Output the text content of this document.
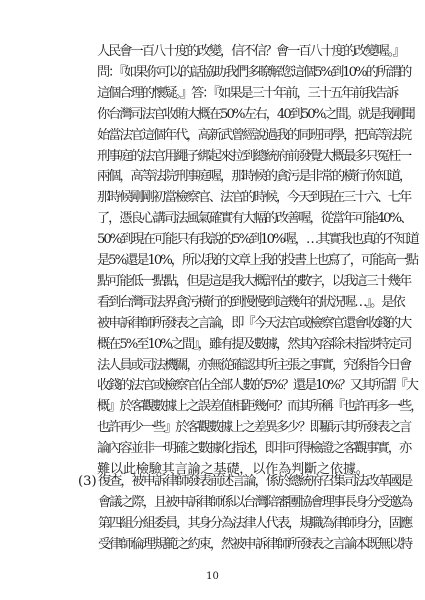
人民會一百八十度的改變，信不信？會一百八十度的改變喔。』
問：『如果你可以的話協助我們多瞭解您這個5%到10%的所謂的
這個合理的懷疑。』答：『如果是三十年前，三十五年前我告訴
你台灣司法官收賄大概在50%左右，40到50%之間。就是我剛聞
始當法官這個年代，高新武曾經說過我的同班同學，把高等法院
刑事庭的法官用繩子綁起來拉到總統府前發覺大概最多只冤枉一
兩個，高等法院刑事庭喔，那時候的貪污是非常的橫行你知道，
那時候剛剛初當檢察官、法官的時候，今天到現在三十六、七年
了，憑良心講司法風氣確實有大幅的改善喔，從當年可能40%、
50%到現在可能只有我說的5%到10%喔，…其實我也真的不知道
是5%還是10%，所以我的文章上我的投書上也寫了，可能高一點
點可能低一點點，但是這是我大概評估的數字，以我這三十幾年
看到台灣司法界貪污橫行的到慢慢到這幾年的狀況喔…』。是依
被申訴律師所發表之言論，即『今天法官或檢察官還會收錢的大
概在5%至10%之間』，雖有提及數據，然其內容除未指涉特定司
法人員或司法機關，亦無從確認其所主張之事實，究係指今日會
收錢的法官或檢察官佔全部人數的5%？還是10%？又其所謂『大
概』於客觀數據上之誤差值相距幾何？而其所稱『也許再多一些，
也許再少一些』於客觀數據上之差異多少？即顯示其所發表之言
論內容並非一明確之數據化指述，即非可得檢證之客觀事實，亦
難以此檢驗其言論之基礎，以作為判斷之依據。
復查，被申訴律師發表前述言論，係於總統府召集司法改革國是
會議之際，且被申訴律師係以台灣陪審團協會理事長身分受邀為
第四組分組委員，其身分為法律人代表，規職為律師身分，固應
受律師倫理規範之約束，然被申訴律師所發表之言論本既無以特
(3)
10
